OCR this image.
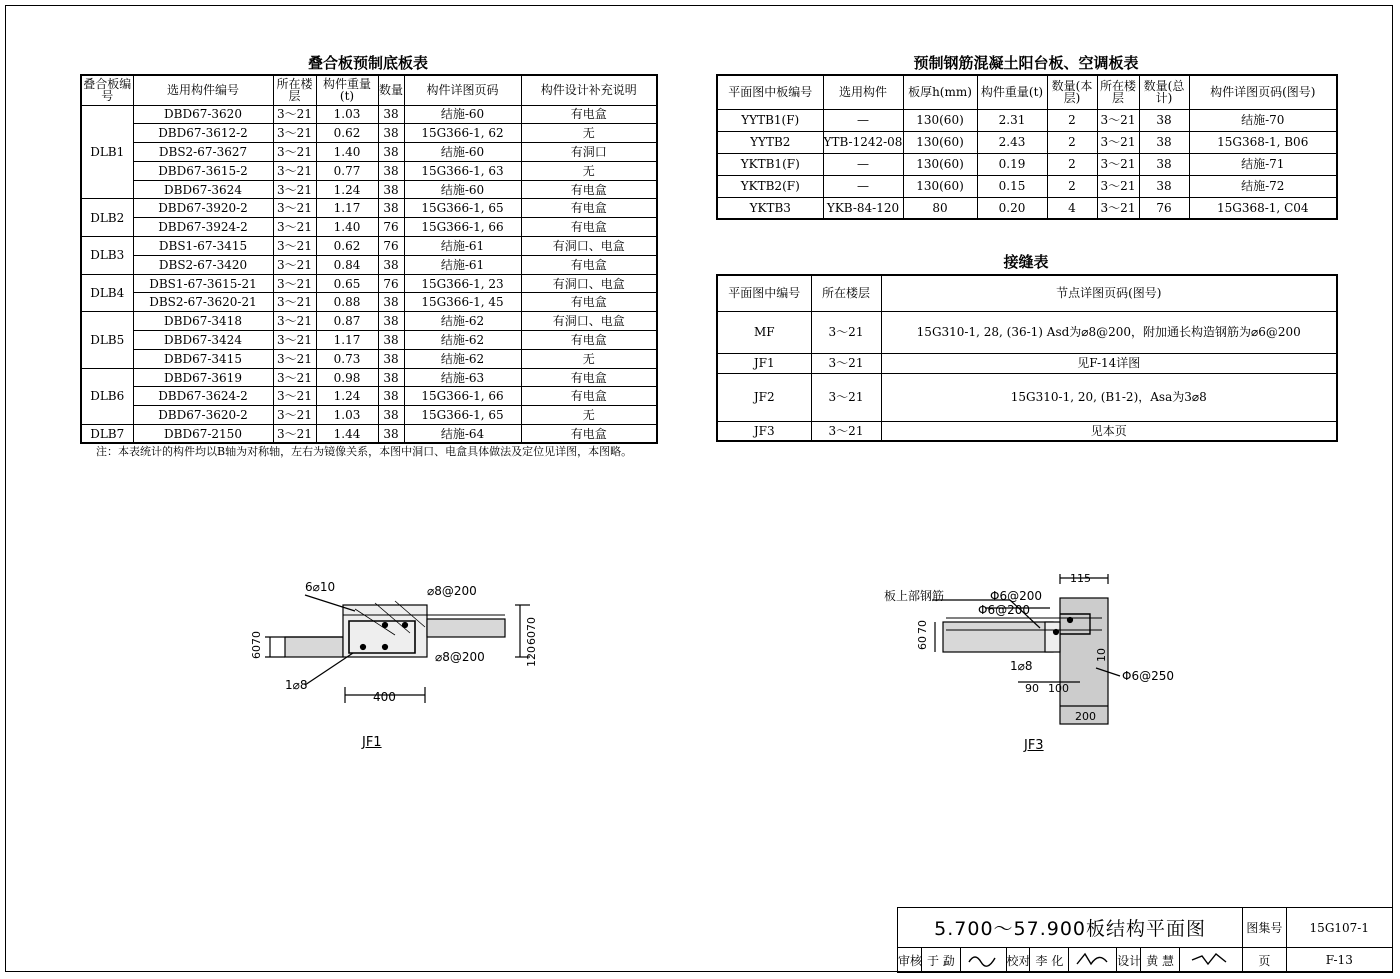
叠合板预制底板表
叠合板编号	选用构件编号	所在楼层	构件重量(t)	数量	构件详图页码	构件设计补充说明
DLB1	DBD67-3620	3～21	1.03	38	结施-60	有电盒
	DBD67-3612-2	3～21	0.62	38	15G366-1, 62	无
	DBS2-67-3627	3～21	1.40	38	结施-60	有洞口
	DBD67-3615-2	3～21	0.77	38	15G366-1, 63	无
	DBD67-3624	3～21	1.24	38	结施-60	有电盒
DLB2	DBD67-3920-2	3～21	1.17	38	15G366-1, 65	有电盒
	DBD67-3924-2	3～21	1.40	76	15G366-1, 66	有电盒
DLB3	DBS1-67-3415	3～21	0.62	76	结施-61	有洞口、电盒
	DBS2-67-3420	3～21	0.84	38	结施-61	有电盒
DLB4	DBS1-67-3615-21	3～21	0.65	76	15G366-1, 23	有洞口、电盒
	DBS2-67-3620-21	3～21	0.88	38	15G366-1, 45	有电盒
DLB5	DBD67-3418	3～21	0.87	38	结施-62	有洞口、电盒
	DBD67-3424	3～21	1.17	38	结施-62	有电盒
	DBD67-3415	3～21	0.73	38	结施-62	无
DLB6	DBD67-3619	3～21	0.98	38	结施-63	有电盒
	DBD67-3624-2	3～21	1.24	38	15G366-1, 66	有电盒
	DBD67-3620-2	3～21	1.03	38	15G366-1, 65	无
DLB7	DBD67-2150	3～21	1.44	38	结施-64	有电盒
注：本表统计的构件均以B轴为对称轴，左右为镜像关系，本图中洞口、电盒具体做法及定位见详图，本图略。
预制钢筋混凝土阳台板、空调板表
平面图中板编号	选用构件	板厚h(mm)	构件重量(t)	数量(本层)	所在楼层	数量(总计)	构件详图页码(图号)
YYTB1(F)	—	130(60)	2.31	2	3～21	38	结施-70
YYTB2	YTB-1242-08	130(60)	2.43	2	3～21	38	15G368-1, B06
YKTB1(F)	—	130(60)	0.19	2	3～21	38	结施-71
YKTB2(F)	—	130(60)	0.15	2	3～21	38	结施-72
YKTB3	YKB-84-120	80	0.20	4	3～21	76	15G368-1, C04
接缝表
平面图中编号	所在楼层	节点详图页码(图号)
MF	3～21	15G310-1, 28, (36-1) Asd为⌀8@200，附加通长构造钢筋为⌀6@200
JF1	3～21	见F-14详图
JF2	3～21	15G310-1, 20, (B1-2)，Asa为3⌀8
JF3	3～21	见本页
6⌀10	⌀8@200
⌀8@200
1⌀8
400
60
70
120
60
70
JF1
板上部钢筋	Φ6@200
Φ6@200
115
1⌀8
10
Φ6@250
90 100
200
60
70
JF3
5.700～57.900板结构平面图									图集号	15G107-1
审核	于 勐		校对	李 化		设计	黄 慧		页	F-13
